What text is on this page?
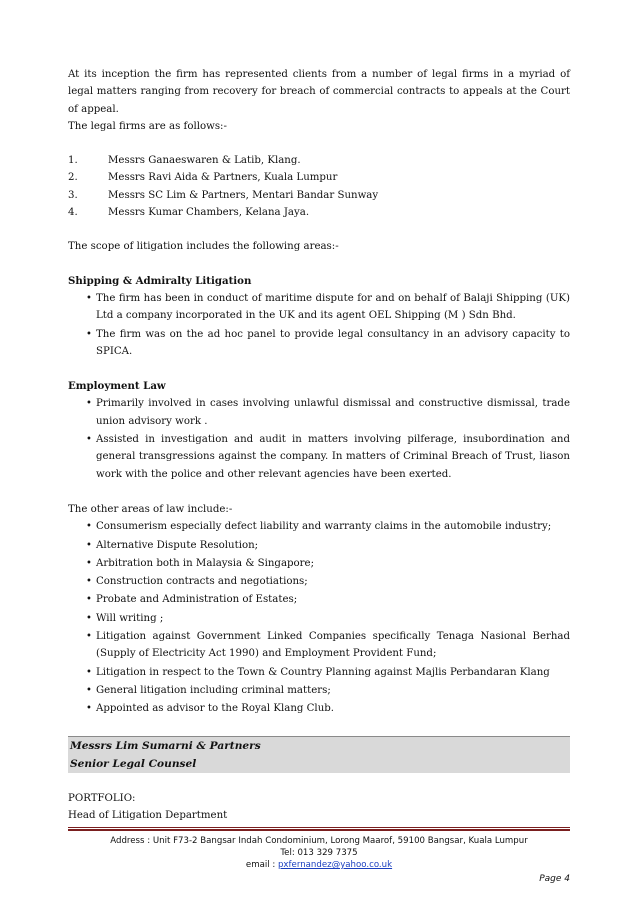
At its inception the firm has represented clients from a number of legal firms in a myriad of legal matters ranging from recovery for breach of commercial contracts to appeals at the Court of appeal.

The legal firms are as follows:-

1.	Messrs Ganaeswaren & Latib, Klang.
2.	Messrs Ravi Aida & Partners, Kuala Lumpur
3.	Messrs SC Lim & Partners, Mentari Bandar Sunway
4.	Messrs Kumar Chambers, Kelana Jaya.

The scope of litigation includes the following areas:-

Shipping & Admiralty Litigation

•
The firm has been in conduct of maritime dispute for and on behalf of Balaji Shipping (UK) Ltd a company incorporated in the UK and its agent OEL Shipping (M ) Sdn Bhd.
•
The firm was on the ad hoc panel to provide legal consultancy in an advisory capacity to SPICA.

Employment Law

•
Primarily involved in cases involving unlawful dismissal and constructive dismissal, trade union advisory work .
•
Assisted in investigation and audit in matters involving pilferage, insubordination and general transgressions against the company. In matters of Criminal Breach of Trust, liason work with the police and other relevant agencies have been exerted.

The other areas of law include:-

•
Consumerism especially defect liability and warranty claims in the automobile industry;
•
Alternative Dispute Resolution;
•
Arbitration both in Malaysia & Singapore;
•
Construction contracts and negotiations;
•
Probate and Administration of Estates;
•
Will writing ;
•
Litigation against Government Linked Companies specifically Tenaga Nasional Berhad (Supply of Electricity Act 1990) and Employment Provident Fund;
•
Litigation in respect to the Town & Country Planning against Majlis Perbandaran Klang
•
General litigation including criminal matters;
•
Appointed as advisor to the Royal Klang Club.
Messrs Lim Sumarni & Partners
Senior Legal Counsel

PORTFOLIO:

Head of Litigation Department

Address : Unit F73-2 Bangsar Indah Condominium, Lorong Maarof, 59100 Bangsar, Kuala Lumpur
Tel: 013 329 7375
email : pxfernandez@yahoo.co.uk
Page 4
